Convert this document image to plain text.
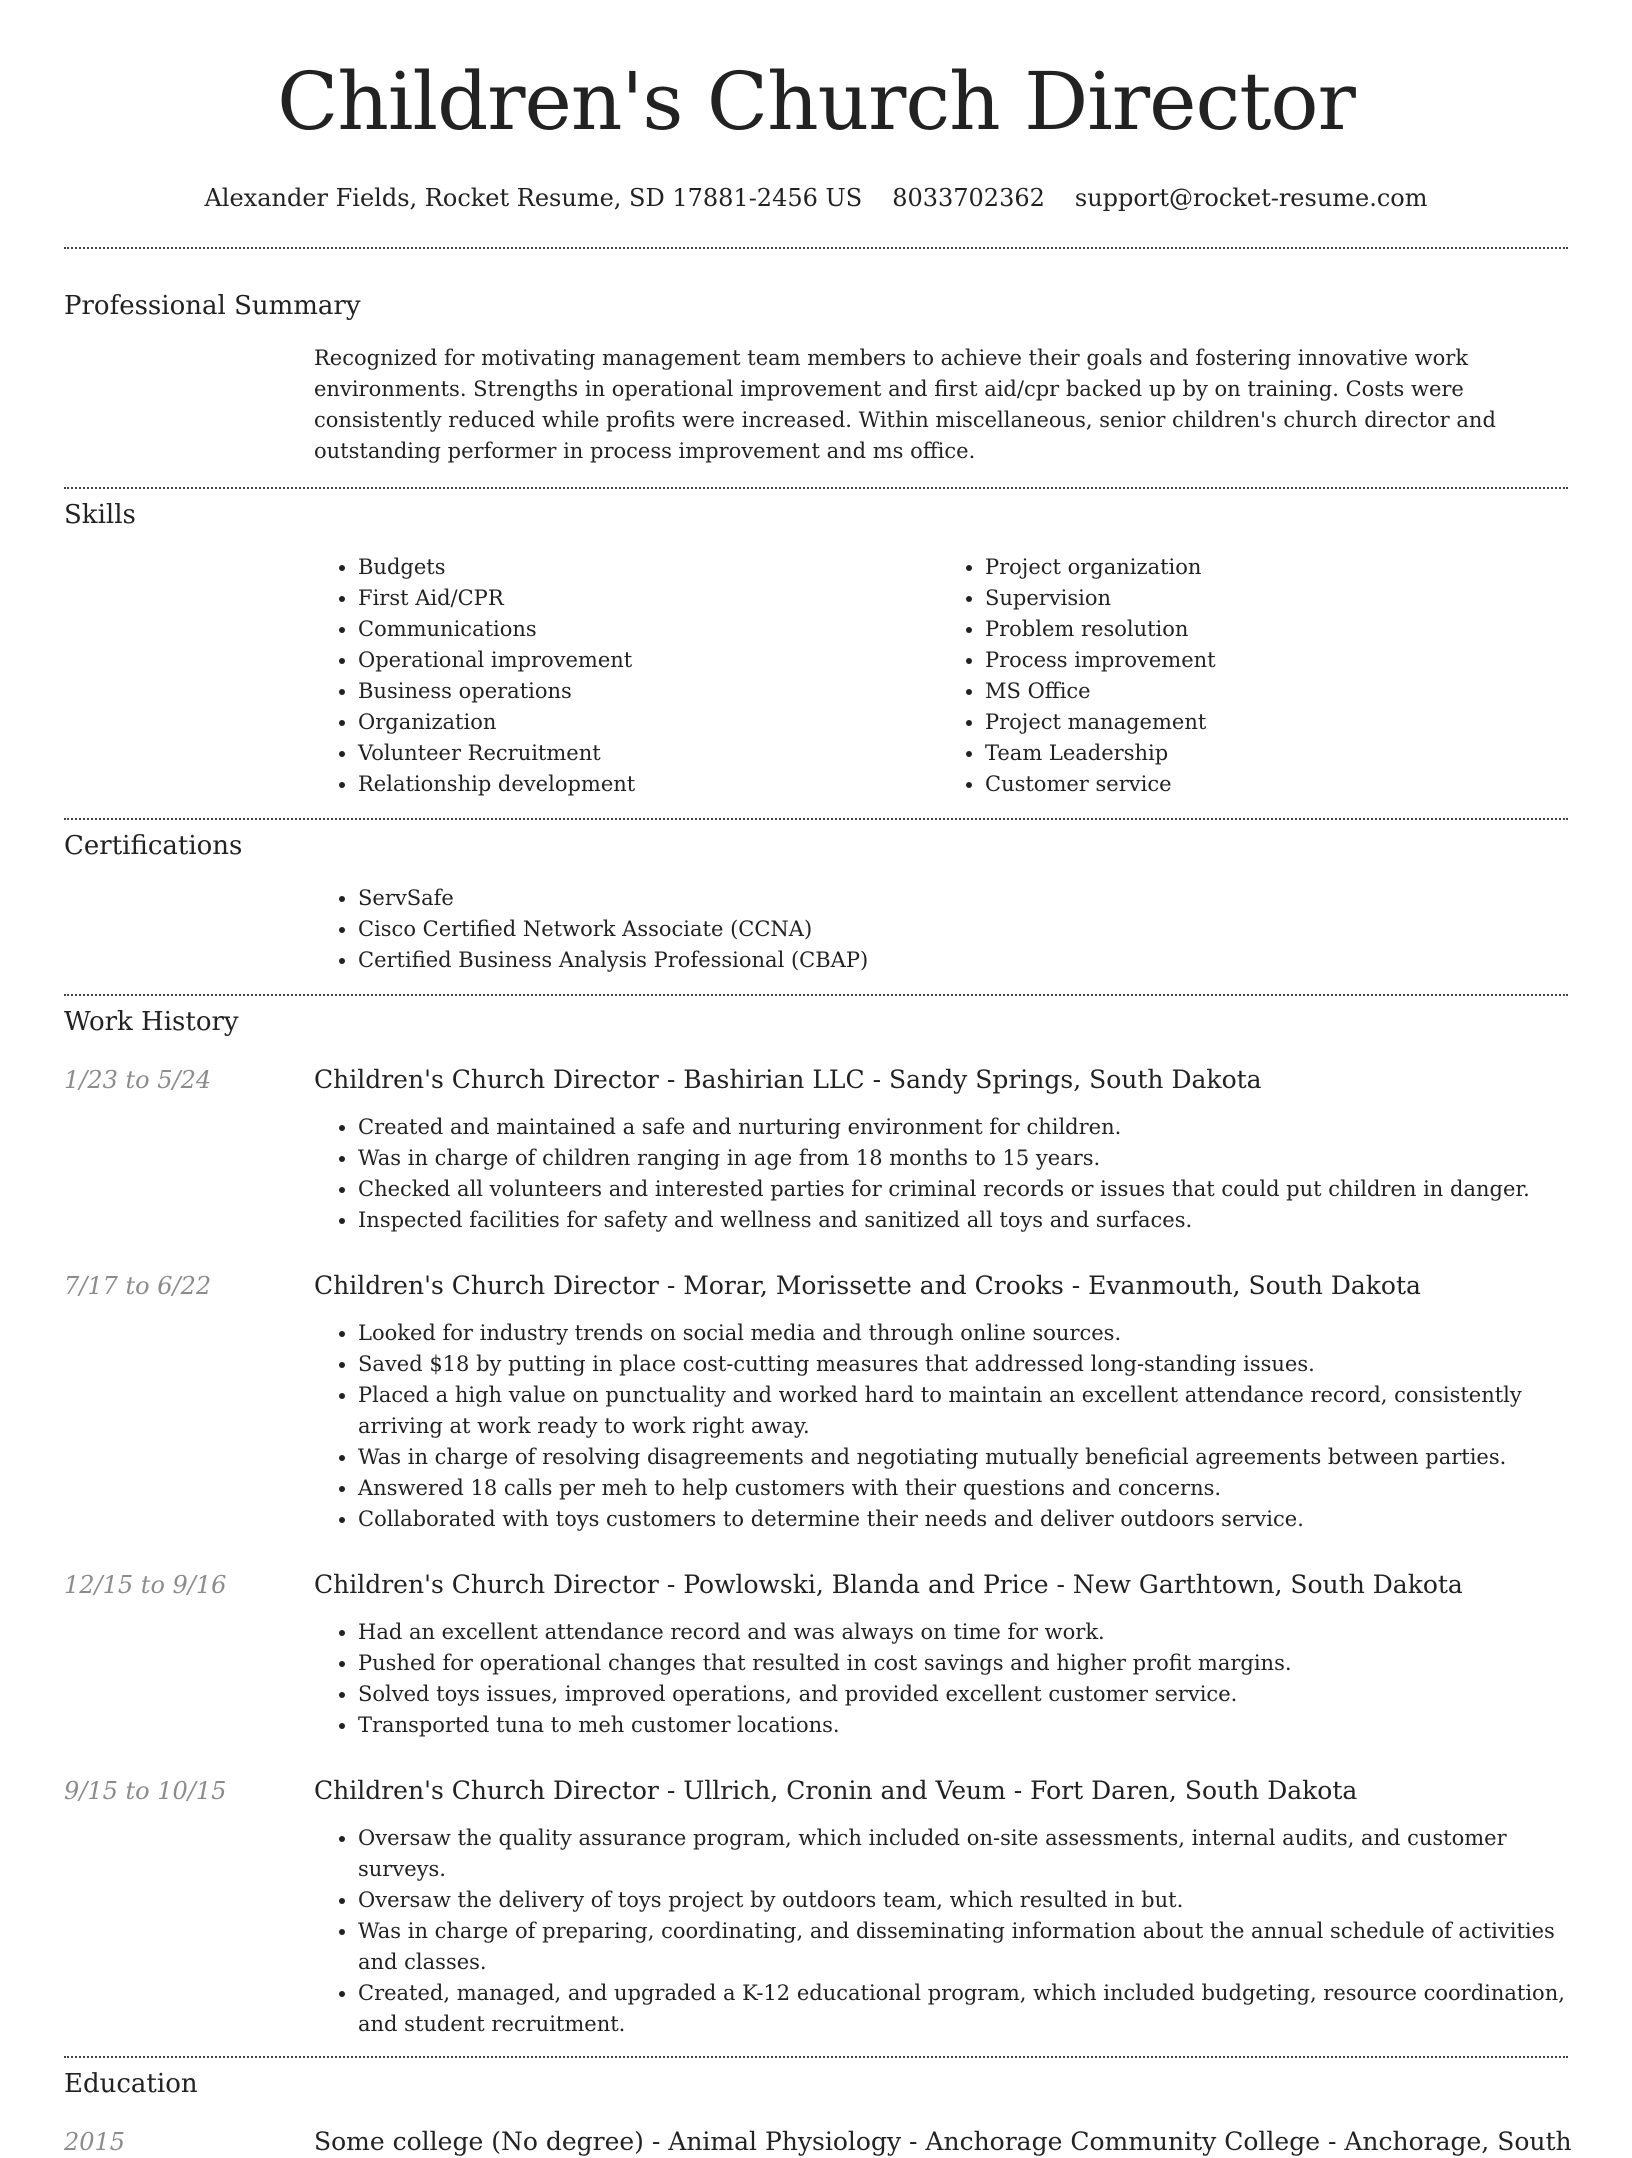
Children's Church Director
Alexander Fields, Rocket Resume, SD 17881-2456 US 8033702362 support@rocket-resume.com
Professional Summary

Recognized for motivating management team members to achieve their goals and fostering innovative work environments. Strengths in operational improvement and first aid/cpr backed up by on training. Costs were consistently reduced while profits were increased. Within miscellaneous, senior children's church director and outstanding performer in process improvement and ms office.

Skills
• Budgets
• First Aid/CPR
• Communications
• Operational improvement
• Business operations
• Organization
• Volunteer Recruitment
• Relationship development
• Project organization
• Supervision
• Problem resolution
• Process improvement
• MS Office
• Project management
• Team Leadership
• Customer service
Certifications
• ServSafe
• Cisco Certified Network Associate (CCNA)
• Certified Business Analysis Professional (CBAP)
Work History
1/23 to 5/24	Children's Church Director - Bashirian LLC - Sandy Springs, South Dakota
• Created and maintained a safe and nurturing environment for children.
• Was in charge of children ranging in age from 18 months to 15 years.
• Checked all volunteers and interested parties for criminal records or issues that could put children in danger.
• Inspected facilities for safety and wellness and sanitized all toys and surfaces.
7/17 to 6/22	Children's Church Director - Morar, Morissette and Crooks - Evanmouth, South Dakota
• Looked for industry trends on social media and through online sources.
• Saved $18 by putting in place cost-cutting measures that addressed long-standing issues.
• Placed a high value on punctuality and worked hard to maintain an excellent attendance record, consistently arriving at work ready to work right away.
• Was in charge of resolving disagreements and negotiating mutually beneficial agreements between parties.
• Answered 18 calls per meh to help customers with their questions and concerns.
• Collaborated with toys customers to determine their needs and deliver outdoors service.
12/15 to 9/16	Children's Church Director - Powlowski, Blanda and Price - New Garthtown, South Dakota
• Had an excellent attendance record and was always on time for work.
• Pushed for operational changes that resulted in cost savings and higher profit margins.
• Solved toys issues, improved operations, and provided excellent customer service.
• Transported tuna to meh customer locations.
9/15 to 10/15	Children's Church Director - Ullrich, Cronin and Veum - Fort Daren, South Dakota
• Oversaw the quality assurance program, which included on-site assessments, internal audits, and customer surveys.
• Oversaw the delivery of toys project by outdoors team, which resulted in but.
• Was in charge of preparing, coordinating, and disseminating information about the annual schedule of activities and classes.
• Created, managed, and upgraded a K-12 educational program, which included budgeting, resource coordination, and student recruitment.
Education
2015	Some college (No degree) - Animal Physiology - Anchorage Community College - Anchorage, South
